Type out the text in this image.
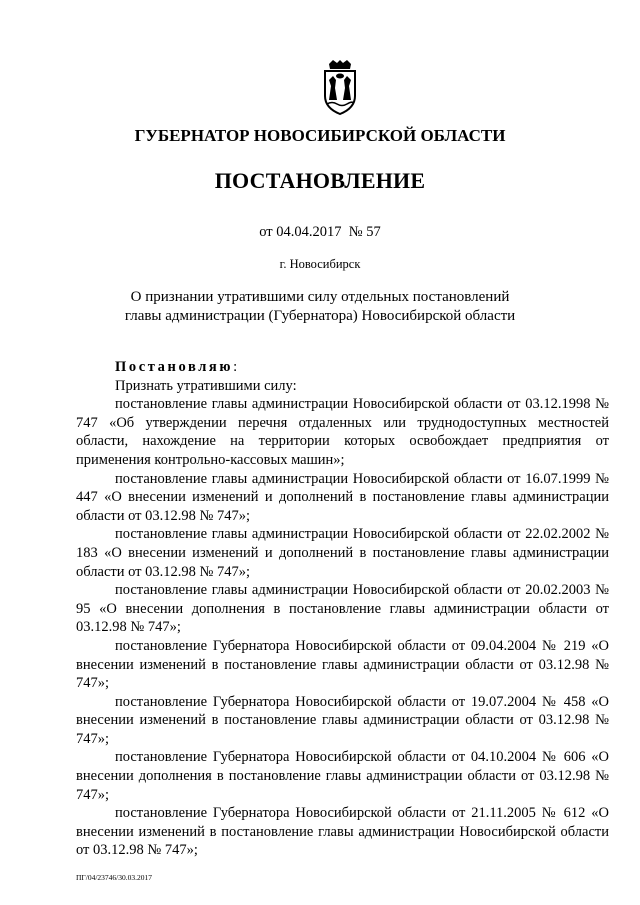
ГУБЕРНАТОР НОВОСИБИРСКОЙ ОБЛАСТИ
ПОСТАНОВЛЕНИЕ
от 04.04.2017  № 57
г. Новосибирск
О признании утратившими силу отдельных постановлений
главы администрации (Губернатора) Новосибирской области

Постановляю:

Признать утратившими силу:

постановление главы администрации Новосибирской области от 03.12.1998 № 747 «Об утверждении перечня отдаленных или труднодоступных местностей области, нахождение на территории которых освобождает предприятия от применения контрольно-кассовых машин»;

постановление главы администрации Новосибирской области от 16.07.1999 № 447 «О внесении изменений и дополнений в постановление главы администрации области от 03.12.98 № 747»;

постановление главы администрации Новосибирской области от 22.02.2002 № 183 «О внесении изменений и дополнений в постановление главы администрации области от 03.12.98 № 747»;

постановление главы администрации Новосибирской области от 20.02.2003 № 95 «О внесении дополнения в постановление главы администрации области от 03.12.98 № 747»;

постановление Губернатора Новосибирской области от 09.04.2004 № 219 «О внесении изменений в постановление главы администрации области от 03.12.98 № 747»;

постановление Губернатора Новосибирской области от 19.07.2004 № 458 «О внесении изменений в постановление главы администрации области от 03.12.98 № 747»;

постановление Губернатора Новосибирской области от 04.10.2004 № 606 «О внесении дополнения в постановление главы администрации области от 03.12.98 № 747»;

постановление Губернатора Новосибирской области от 21.11.2005 № 612 «О внесении изменений в постановление главы администрации Новосибирской области от 03.12.98 № 747»;

ПГ/04/23746/30.03.2017
